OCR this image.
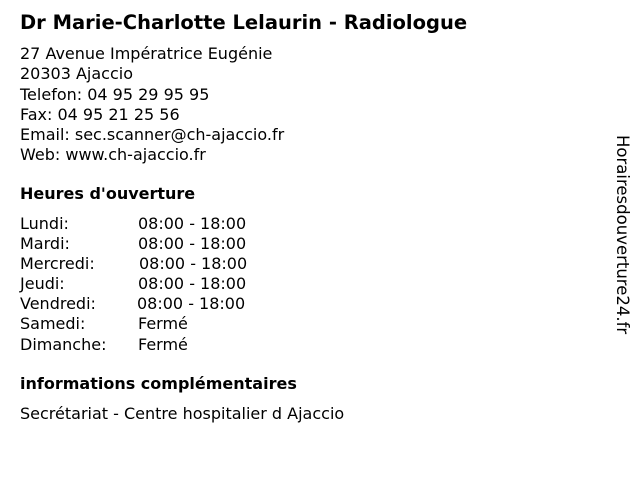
Dr Marie-Charlotte Lelaurin - Radiologue
27 Avenue Impératrice Eugénie
20303 Ajaccio
Telefon: 04 95 29 95 95
Fax: 04 95 21 25 56
Email: sec.scanner@ch-ajaccio.fr
Web: www.ch-ajaccio.fr
Heures d'ouverture
Lundi:	08:00 - 18:00
Mardi:	08:00 - 18:00
Mercredi:	08:00 - 18:00
Jeudi:	08:00 - 18:00
Vendredi:	08:00 - 18:00
Samedi:	Fermé
Dimanche: Fermé
informations complémentaires
Secrétariat - Centre hospitalier d Ajaccio
Horairesdouverture24.fr
